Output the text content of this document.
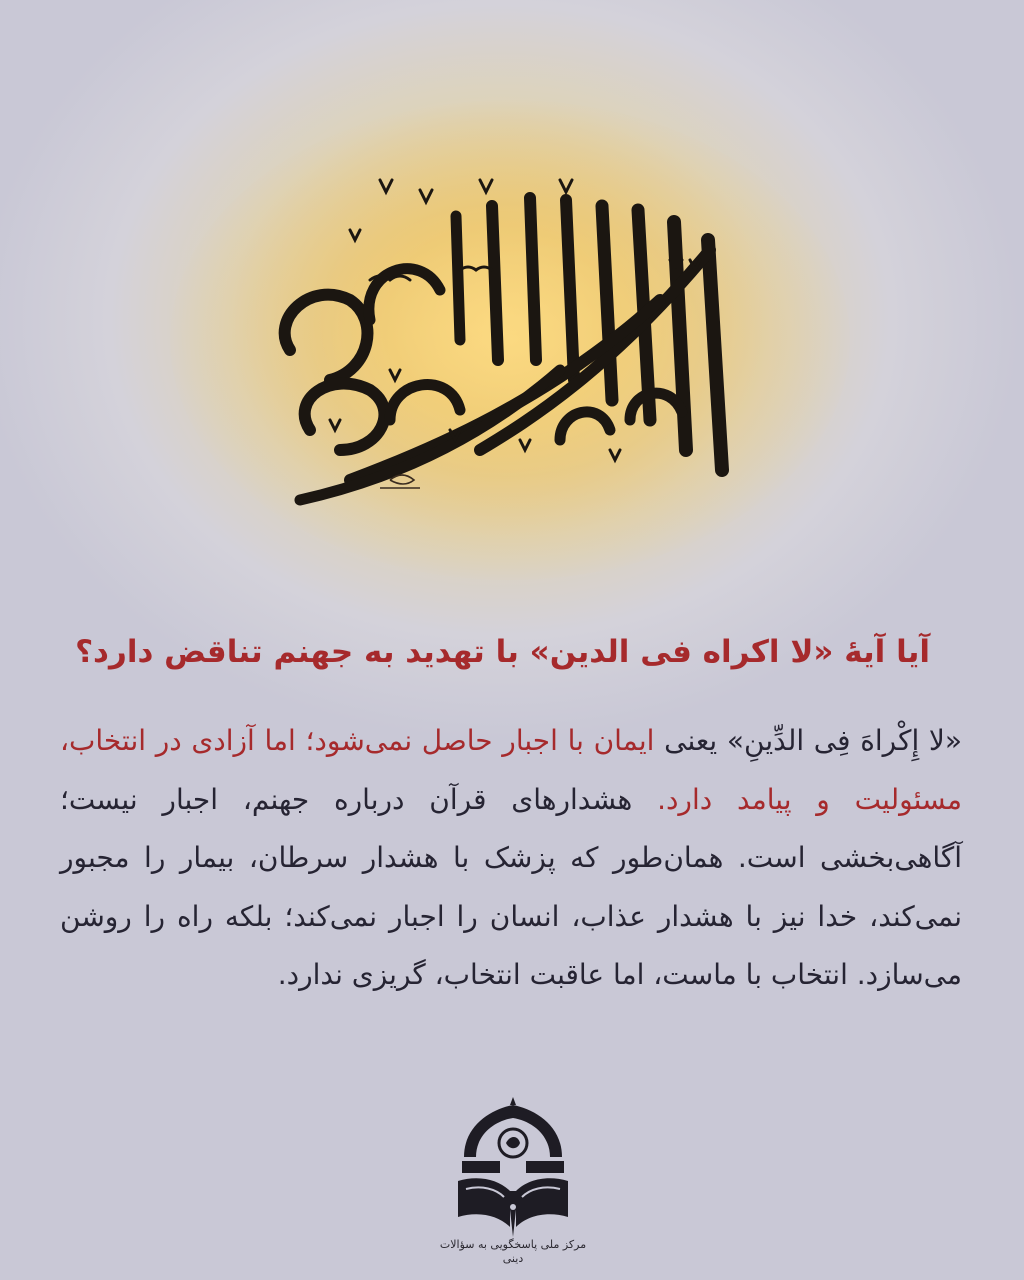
آیا آیهٔ «لا اکراه فی الدین» با تهدید به جهنم تناقض دارد؟

«لا إِکْراهَ فِی الدِّینِ» یعنی ایمان با اجبار حاصل نمی‌شود؛ اما آزادی در انتخاب، مسئولیت و پیامد دارد. هشدارهای قرآن درباره جهنم، اجبار نیست؛ آگاهی‌بخشی است. همان‌طور که پزشک با هشدار سرطان، بیمار را مجبور نمی‌کند، خدا نیز با هشدار عذاب، انسان را اجبار نمی‌کند؛ بلکه راه را روشن می‌سازد. انتخاب با ماست، اما عاقبت انتخاب، گریزی ندارد.

مرکز ملی پاسخگویی به سؤالات دینی
